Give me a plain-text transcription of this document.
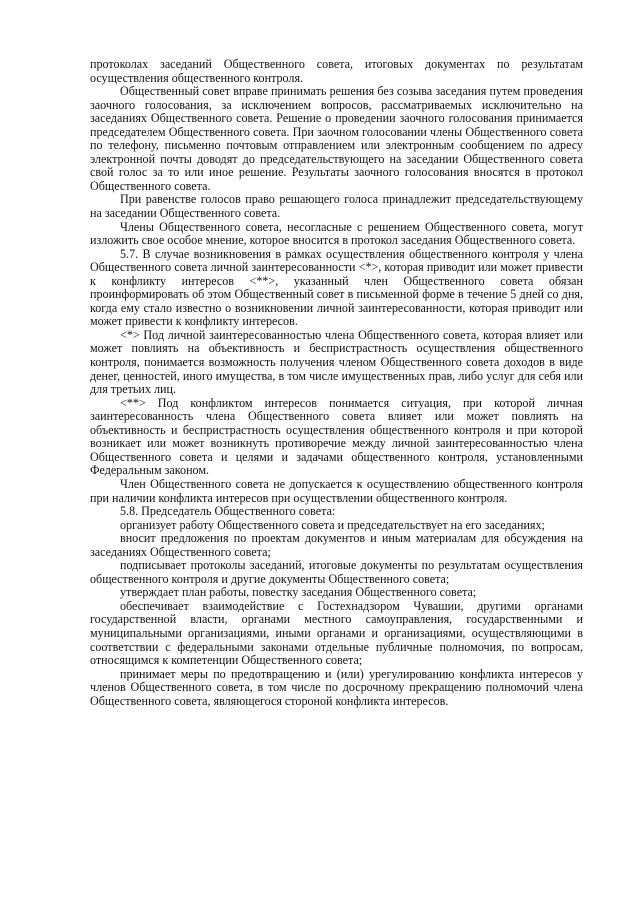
протоколах заседаний Общественного совета, итоговых документах по результатам осуществления общественного контроля.

Общественный совет вправе принимать решения без созыва заседания путем проведения заочного голосования, за исключением вопросов, рассматриваемых исключительно на заседаниях Общественного совета. Решение о проведении заочного голосования принимается председателем Общественного совета. При заочном голосовании члены Общественного совета по телефону, письменно почтовым отправлением или электронным сообщением по адресу электронной почты доводят до председательствующего на заседании Общественного совета свой голос за то или иное решение. Результаты заочного голосования вносятся в протокол Общественного совета.

При равенстве голосов право решающего голоса принадлежит председательствующему на заседании Общественного совета.

Члены Общественного совета, несогласные с решением Общественного совета, могут изложить свое особое мнение, которое вносится в протокол заседания Общественного совета.

5.7. В случае возникновения в рамках осуществления общественного контроля у члена Общественного совета личной заинтересованности <*>, которая приводит или может привести к конфликту интересов <**>, указанный член Общественного совета обязан проинформировать об этом Общественный совет в письменной форме в течение 5 дней со дня, когда ему стало известно о возникновении личной заинтересованности, которая приводит или может привести к конфликту интересов.

<*> Под личной заинтересованностью члена Общественного совета, которая влияет или может повлиять на объективность и беспристрастность осуществления общественного контроля, понимается возможность получения членом Общественного совета доходов в виде денег, ценностей, иного имущества, в том числе имущественных прав, либо услуг для себя или для третьих лиц.

<**> Под конфликтом интересов понимается ситуация, при которой личная заинтересованность члена Общественного совета влияет или может повлиять на объективность и беспристрастность осуществления общественного контроля и при которой возникает или может возникнуть противоречие между личной заинтересованностью члена Общественного совета и целями и задачами общественного контроля, установленными Федеральным законом.

Член Общественного совета не допускается к осуществлению общественного контроля при наличии конфликта интересов при осуществлении общественного контроля.

5.8. Председатель Общественного совета:

организует работу Общественного совета и председательствует на его заседаниях;

вносит предложения по проектам документов и иным материалам для обсуждения на заседаниях Общественного совета;

подписывает протоколы заседаний, итоговые документы по результатам осуществления общественного контроля и другие документы Общественного совета;

утверждает план работы, повестку заседания Общественного совета;

обеспечивает взаимодействие с Гостехнадзором Чувашии, другими органами государственной власти, органами местного самоуправления, государственными и муниципальными организациями, иными органами и организациями, осуществляющими в соответствии с федеральными законами отдельные публичные полномочия, по вопросам, относящимся к компетенции Общественного совета;

принимает меры по предотвращению и (или) урегулированию конфликта интересов у членов Общественного совета, в том числе по досрочному прекращению полномочий члена Общественного совета, являющегося стороной конфликта интересов.
